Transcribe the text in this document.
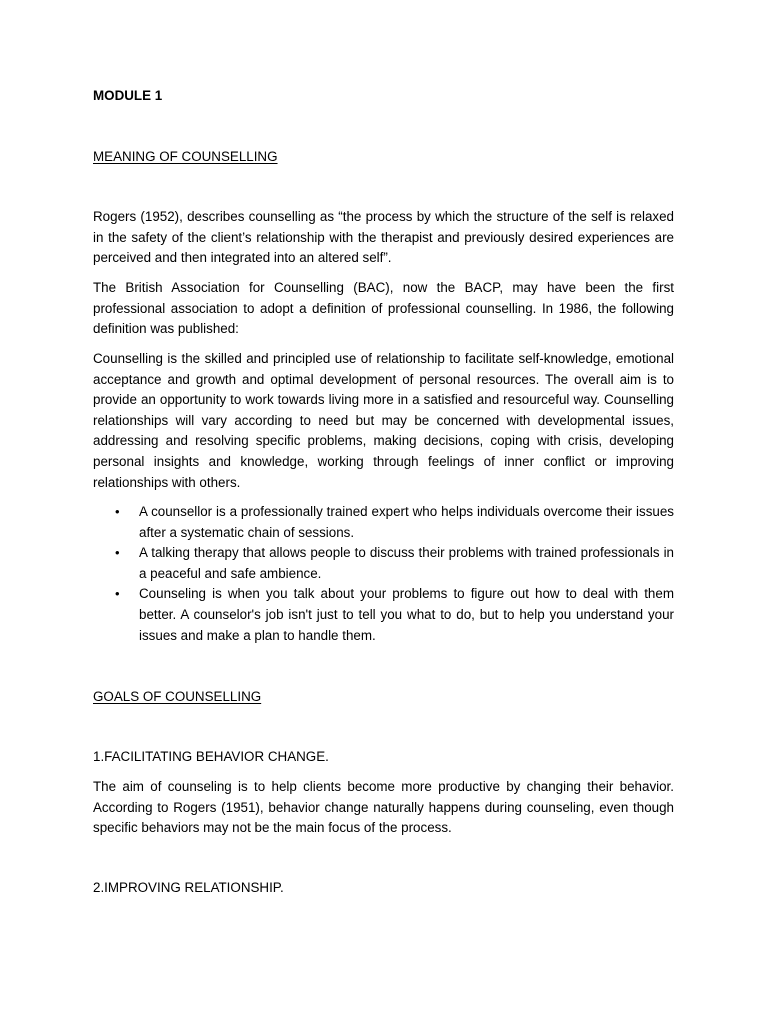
MODULE 1

MEANING OF COUNSELLING

Rogers (1952), describes counselling as “the process by which the structure of the self is relaxed in the safety of the client’s relationship with the therapist and previously desired experiences are perceived and then integrated into an altered self”.

The British Association for Counselling (BAC), now the BACP, may have been the first professional association to adopt a definition of professional counselling. In 1986, the following definition was published:

Counselling is the skilled and principled use of relationship to facilitate self-knowledge, emotional acceptance and growth and optimal development of personal resources. The overall aim is to provide an opportunity to work towards living more in a satisfied and resourceful way. Counselling relationships will vary according to need but may be concerned with developmental issues, addressing and resolving specific problems, making decisions, coping with crisis, developing personal insights and knowledge, working through feelings of inner conflict or improving relationships with others.

• A counsellor is a professionally trained expert who helps individuals overcome their issues after a systematic chain of sessions.
• A talking therapy that allows people to discuss their problems with trained professionals in a peaceful and safe ambience.
• Counseling is when you talk about your problems to figure out how to deal with them better. A counselor's job isn't just to tell you what to do, but to help you understand your issues and make a plan to handle them.

GOALS OF COUNSELLING

1.FACILITATING BEHAVIOR CHANGE.

The aim of counseling is to help clients become more productive by changing their behavior. According to Rogers (1951), behavior change naturally happens during counseling, even though specific behaviors may not be the main focus of the process.

2.IMPROVING RELATIONSHIP.
